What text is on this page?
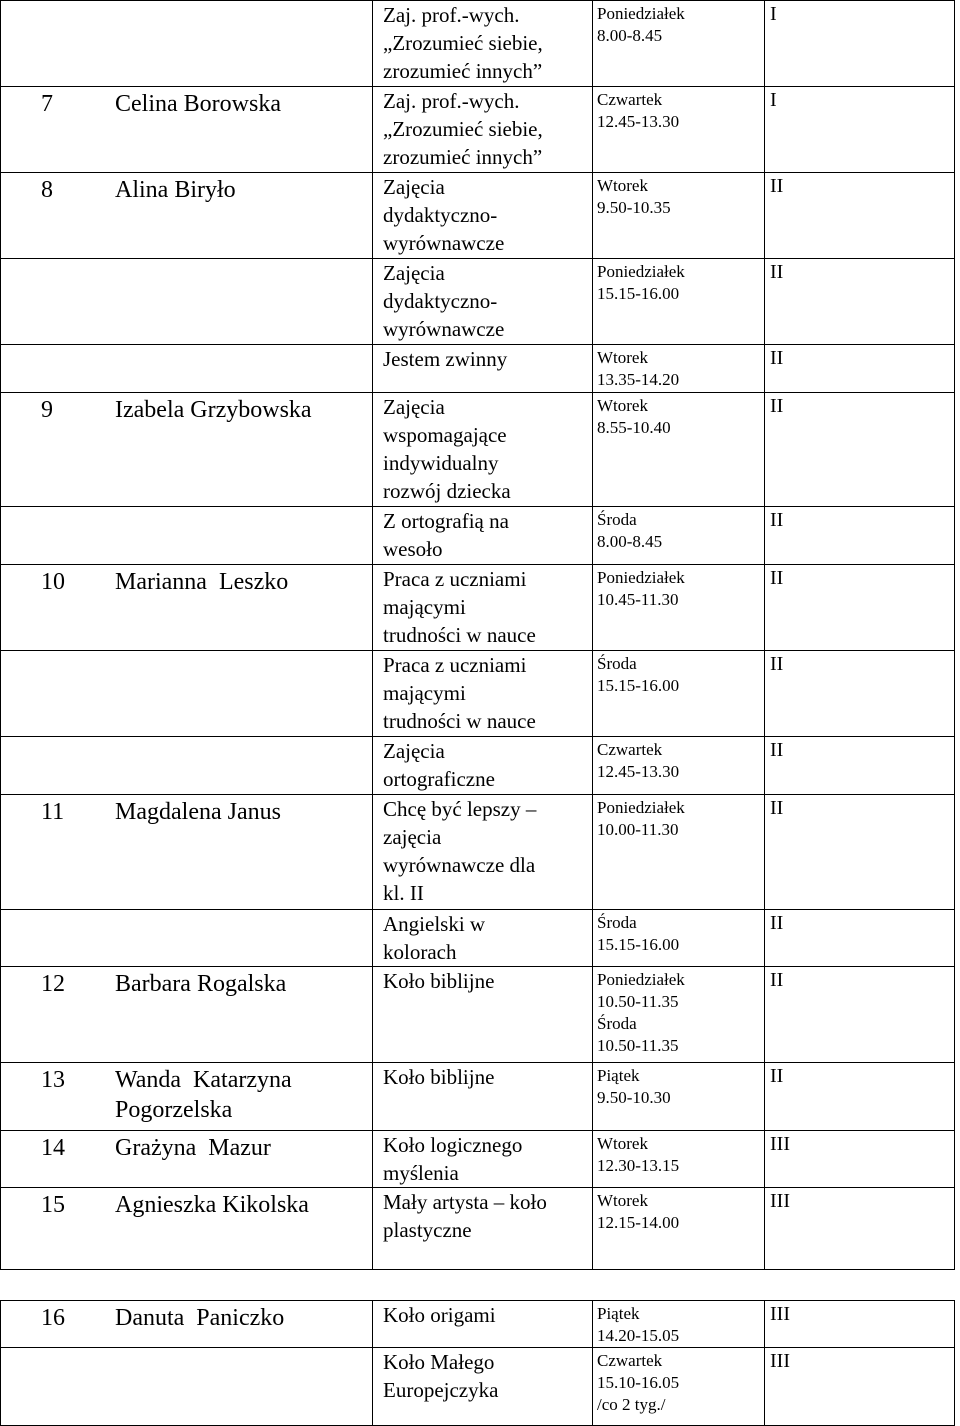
	Zaj. prof.-wych.
„Zrozumieć siebie,
zrozumieć innych”	Poniedziałek
8.00-8.45	I

7 Celina Borowska	Zaj. prof.-wych.
„Zrozumieć siebie,
zrozumieć innych”	Czwartek
12.45-13.30	I

8 Alina Biryło	Zajęcia
dydaktyczno-
wyrównawcze	Wtorek
9.50-10.35	II

	Zajęcia
dydaktyczno-
wyrównawcze	Poniedziałek
15.15-16.00	II

	Jestem zwinny	Wtorek
13.35-14.20	II

9 Izabela Grzybowska	Zajęcia
wspomagające
indywidualny
rozwój dziecka	Wtorek
8.55-10.40	II

	Z ortografią na
wesoło	Środa
8.00-8.45	II

10 Marianna  Leszko	Praca z uczniami
mającymi
trudności w nauce	Poniedziałek
10.45-11.30	II

	Praca z uczniami
mającymi
trudności w nauce	Środa
15.15-16.00	II

	Zajęcia
ortograficzne	Czwartek
12.45-13.30	II

11 Magdalena Janus	Chcę być lepszy –
zajęcia
wyrównawcze dla
kl. II	Poniedziałek
10.00-11.30	II

	Angielski w
kolorach	Środa
15.15-16.00	II

12 Barbara Rogalska	Koło biblijne	Poniedziałek
10.50-11.35
Środa
10.50-11.35	II

13 Wanda  Katarzyna Pogorzelska	Koło biblijne	Piątek
9.50-10.30	II

14 Grażyna  Mazur	Koło logicznego
myślenia	Wtorek
12.30-13.15	III

15 Agnieszka Kikolska	Mały artysta – koło
plastyczne	Wtorek
12.15-14.00	III
16 Danuta  Paniczko	Koło origami	Piątek
14.20-15.05	III

	Koło Małego
Europejczyka	Czwartek
15.10-16.05
/co 2 tyg./	III
